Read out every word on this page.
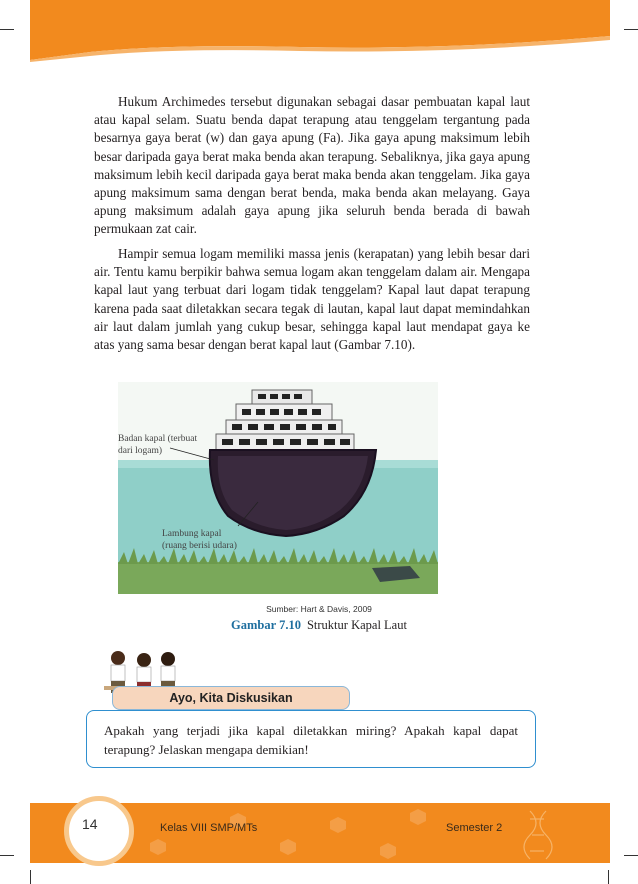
Hukum Archimedes tersebut digunakan sebagai dasar pembuatan kapal laut atau kapal selam. Suatu benda dapat terapung atau tenggelam tergantung pada besarnya gaya berat (w) dan gaya apung (Fa). Jika gaya apung maksimum lebih besar daripada gaya berat maka benda akan terapung. Sebaliknya, jika gaya apung maksimum lebih kecil daripada gaya berat maka benda akan tenggelam. Jika gaya apung maksimum sama dengan berat benda, maka benda akan melayang. Gaya apung maksimum adalah gaya apung jika seluruh benda berada di bawah permukaan zat cair.

Hampir semua logam memiliki massa jenis (kerapatan) yang lebih besar dari air. Tentu kamu berpikir bahwa semua logam akan tenggelam dalam air. Mengapa kapal laut yang terbuat dari logam tidak tenggelam? Kapal laut dapat terapung karena pada saat diletakkan secara tegak di lautan, kapal laut dapat memindahkan air laut dalam jumlah yang cukup besar, sehingga kapal laut mendapat gaya ke atas yang sama besar dengan berat kapal laut (Gambar 7.10).

Badan kapal (terbuat
dari logam)
Lambung kapal
(ruang berisi udara)
Sumber: Hart & Davis, 2009
Gambar 7.10 Struktur Kapal Laut
Ayo, Kita Diskusikan

Apakah yang terjadi jika kapal diletakkan miring? Apakah kapal dapat terapung? Jelaskan mengapa demikian!

14	Kelas VIII SMP/MTs	Semester 2
